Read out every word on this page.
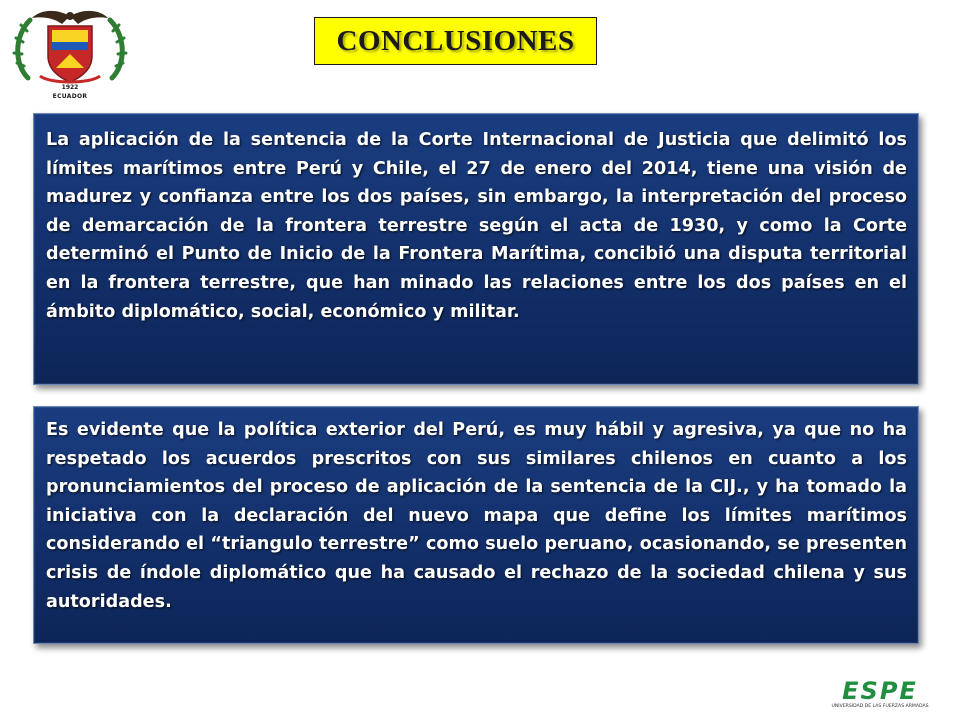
1922
ECUADOR
CONCLUSIONES
La aplicación de la sentencia de la Corte Internacional de Justicia que delimitó los límites marítimos entre Perú y Chile, el 27 de enero del 2014, tiene una visión de madurez y confianza entre los dos países, sin embargo, la interpretación del proceso de demarcación de la frontera terrestre según el acta de 1930, y como la Corte determinó el Punto de Inicio de la Frontera Marítima, concibió una disputa territorial en la frontera terrestre, que han minado las relaciones entre los dos países en el ámbito diplomático, social, económico y militar.
Es evidente que la política exterior del Perú, es muy hábil y agresiva, ya que no ha respetado los acuerdos prescritos con sus similares chilenos en cuanto a los pronunciamientos del proceso de aplicación de la sentencia de la CIJ., y ha tomado la iniciativa con la declaración del nuevo mapa que define los límites marítimos considerando el “triangulo terrestre” como suelo peruano, ocasionando, se presenten crisis de índole diplomático que ha causado el rechazo de la sociedad chilena y sus autoridades.
ESPE
UNIVERSIDAD DE LAS FUERZAS ARMADAS
